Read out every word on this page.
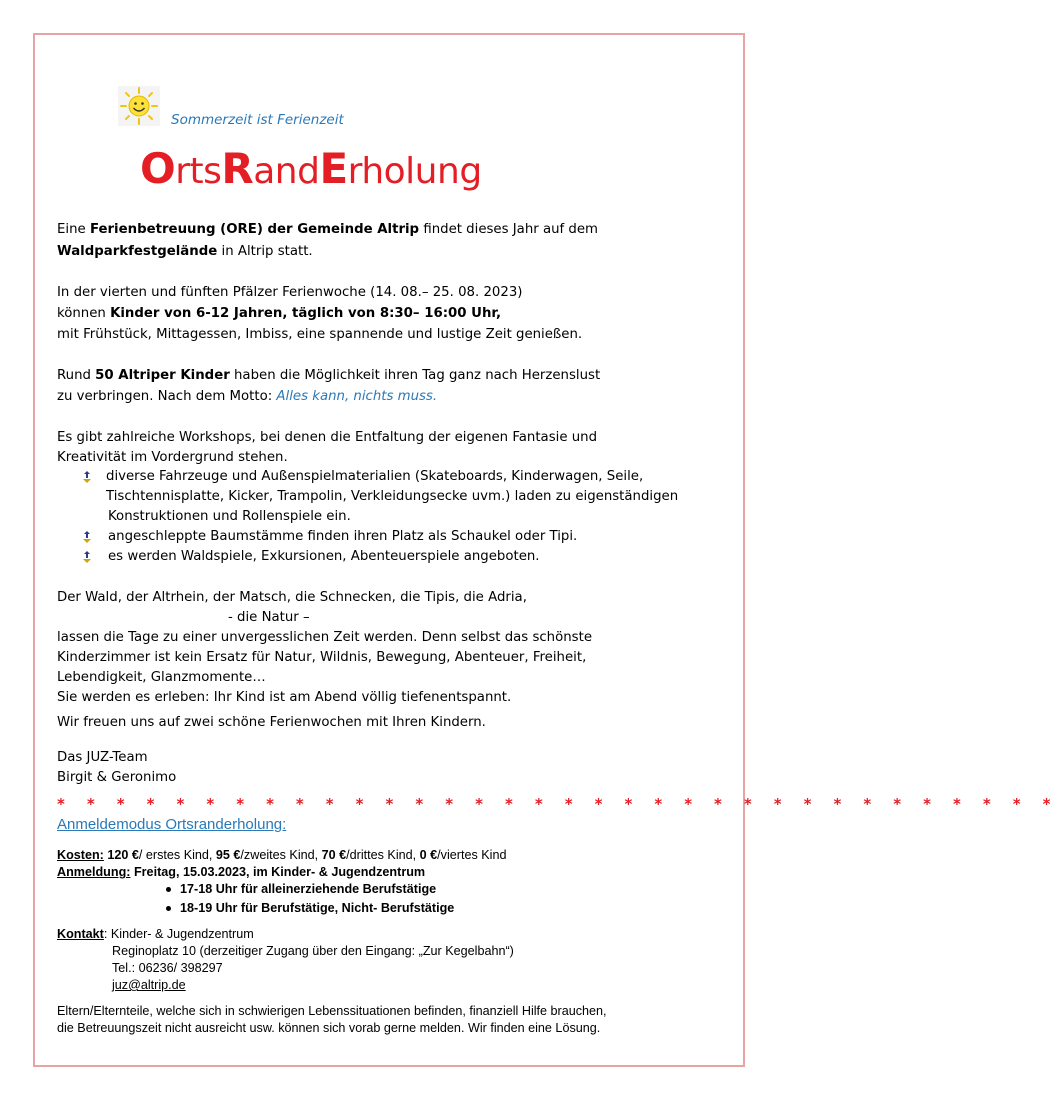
Sommerzeit ist Ferienzeit
OrtsRandErholung
Eine Ferienbetreuung (ORE) der Gemeinde Altrip findet dieses Jahr auf dem
Waldparkfestgelände in Altrip statt.
In der vierten und fünften Pfälzer Ferienwoche (14. 08.– 25. 08. 2023)
können Kinder von 6-12 Jahren, täglich von 8:30– 16:00 Uhr,
mit Frühstück, Mittagessen, Imbiss, eine spannende und lustige Zeit genießen.
Rund 50 Altriper Kinder haben die Möglichkeit ihren Tag ganz nach Herzenslust
zu verbringen. Nach dem Motto: Alles kann, nichts muss.
Es gibt zahlreiche Workshops, bei denen die Entfaltung der eigenen Fantasie und
Kreativität im Vordergrund stehen.
diverse Fahrzeuge und Außenspielmaterialien (Skateboards, Kinderwagen, Seile,
Tischtennisplatte, Kicker, Trampolin, Verkleidungsecke uvm.) laden zu eigenständigen
Konstruktionen und Rollenspiele ein.
angeschleppte Baumstämme finden ihren Platz als Schaukel oder Tipi.
es werden Waldspiele, Exkursionen, Abenteuerspiele angeboten.
Der Wald, der Altrhein, der Matsch, die Schnecken, die Tipis, die Adria,
- die Natur –
lassen die Tage zu einer unvergesslichen Zeit werden. Denn selbst das schönste
Kinderzimmer ist kein Ersatz für Natur, Wildnis, Bewegung, Abenteuer, Freiheit,
Lebendigkeit, Glanzmomente…
Sie werden es erleben: Ihr Kind ist am Abend völlig tiefenentspannt.
Wir freuen uns auf zwei schöne Ferienwochen mit Ihren Kindern.
Das JUZ-Team
Birgit & Geronimo
* * * * * * * * * * * * * * * * * * * * * * * * * * * * * * * * * *
Anmeldemodus Ortsranderholung:
Kosten: 120 €/ erstes Kind, 95 €/zweites Kind, 70 €/drittes Kind, 0 €/viertes Kind
Anmeldung: Freitag, 15.03.2023, im Kinder- & Jugendzentrum
17-18 Uhr für alleinerziehende Berufstätige
18-19 Uhr für Berufstätige, Nicht- Berufstätige
Kontakt: Kinder- & Jugendzentrum
Reginoplatz 10 (derzeitiger Zugang über den Eingang: „Zur Kegelbahn“)
Tel.: 06236/ 398297
juz@altrip.de
Eltern/Elternteile, welche sich in schwierigen Lebenssituationen befinden, finanziell Hilfe brauchen,
die Betreuungszeit nicht ausreicht usw. können sich vorab gerne melden. Wir finden eine Lösung.
